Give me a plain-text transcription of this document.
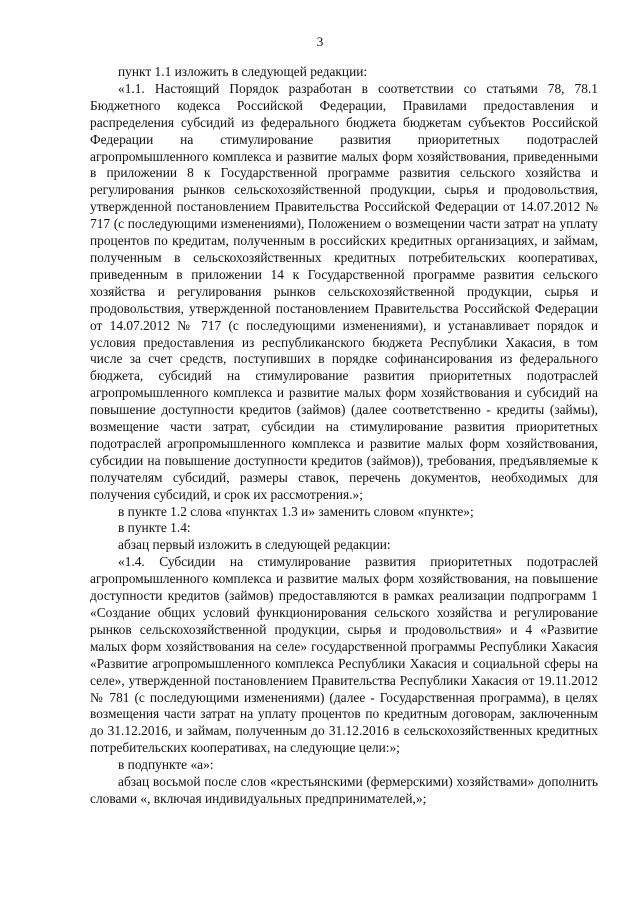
3

пункт 1.1 изложить в следующей редакции:

«1.1. Настоящий Порядок разработан в соответствии со статьями 78, 78.1 Бюджетного кодекса Российской Федерации, Правилами предоставления и распределения субсидий из федерального бюджета бюджетам субъектов Российской Федерации на стимулирование развития приоритетных подотраслей агропромышленного комплекса и развитие малых форм хозяйствования, приведенными в приложении 8 к Государственной программе развития сельского хозяйства и регулирования рынков сельскохозяйственной продукции, сырья и продовольствия, утвержденной постановлением Правительства Российской Федерации от 14.07.2012 № 717 (с последующими изменениями), Положением о возмещении части затрат на уплату процентов по кредитам, полученным в российских кредитных организациях, и займам, полученным в сельскохозяйственных кредитных потребительских кооперативах, приведенным в приложении 14 к Государственной программе развития сельского хозяйства и регулирования рынков сельскохозяйственной продукции, сырья и продовольствия, утвержденной постановлением Правительства Российской Федерации от 14.07.2012 № 717 (с последующими изменениями), и устанавливает порядок и условия предоставления из республиканского бюджета Республики Хакасия, в том числе за счет средств, поступивших в порядке софинансирования из федерального бюджета, субсидий на стимулирование развития приоритетных подотраслей агропромышленного комплекса и развитие малых форм хозяйствования и субсидий на повышение доступности кредитов (займов) (далее соответственно - кредиты (займы), возмещение части затрат, субсидии на стимулирование развития приоритетных подотраслей агропромышленного комплекса и развитие малых форм хозяйствования, субсидии на повышение доступности кредитов (займов)), требования, предъявляемые к получателям субсидий, размеры ставок, перечень документов, необходимых для получения субсидий, и срок их рассмотрения.»;

в пункте 1.2 слова «пунктах 1.3 и» заменить словом «пункте»;

в пункте 1.4:

абзац первый изложить в следующей редакции:

«1.4. Субсидии на стимулирование развития приоритетных подотраслей агропромышленного комплекса и развитие малых форм хозяйствования, на повышение доступности кредитов (займов) предоставляются в рамках реализации подпрограмм 1 «Создание общих условий функционирования сельского хозяйства и регулирование рынков сельскохозяйственной продукции, сырья и продовольствия» и 4 «Развитие малых форм хозяйствования на селе» государственной программы Республики Хакасия «Развитие агропромышленного комплекса Республики Хакасия и социальной сферы на селе», утвержденной постановлением Правительства Республики Хакасия от 19.11.2012 № 781 (с последующими изменениями) (далее - Государственная программа), в целях возмещения части затрат на уплату процентов по кредитным договорам, заключенным до 31.12.2016, и займам, полученным до 31.12.2016 в сельскохозяйственных кредитных потребительских кооперативах, на следующие цели:»;

в подпункте «а»:

абзац восьмой после слов «крестьянскими (фермерскими) хозяйствами» дополнить словами «, включая индивидуальных предпринимателей,»;
